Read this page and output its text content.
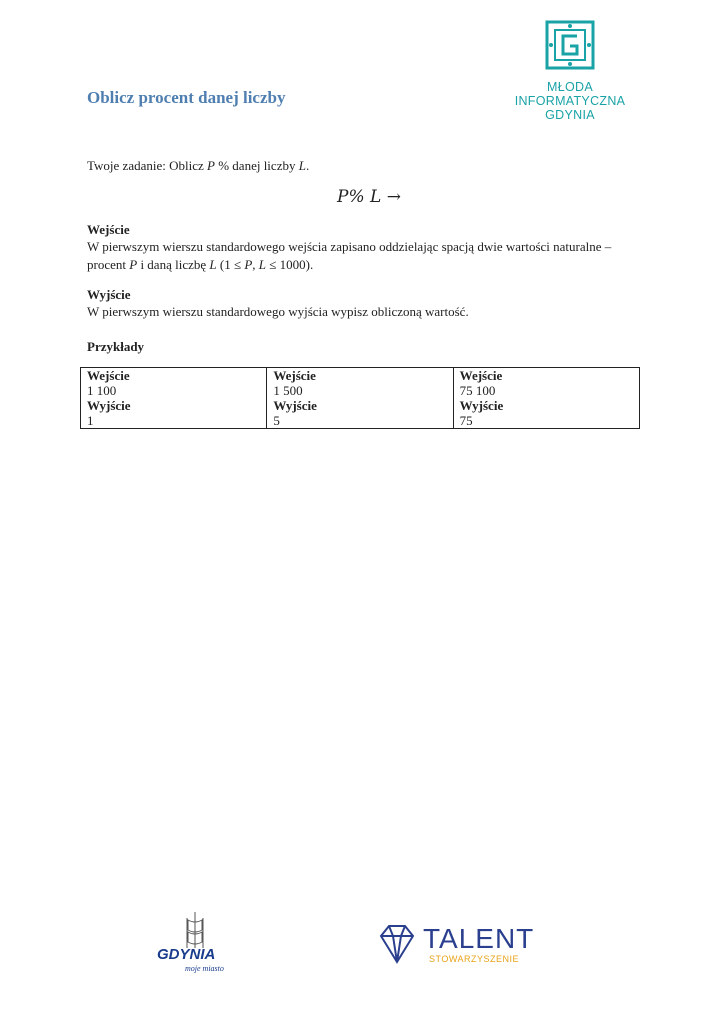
Oblicz procent danej liczby
MŁODA
INFORMATYCZNA
GDYNIA
Twoje zadanie: Oblicz P % danej liczby L.
P% L →
Wejście
W pierwszym wierszu standardowego wejścia zapisano oddzielając spacją dwie wartości naturalne –
procent P i daną liczbę L (1 ≤ P, L ≤ 1000).
Wyjście
W pierwszym wierszu standardowego wyjścia wypisz obliczoną wartość.
Przykłady
Wejście
1 100
Wyjście
1

Wejście
1 500
Wyjście
5

Wejście
75 100
Wyjście
75
GDYNIA
moje miasto
TALENT
STOWARZYSZENIE
